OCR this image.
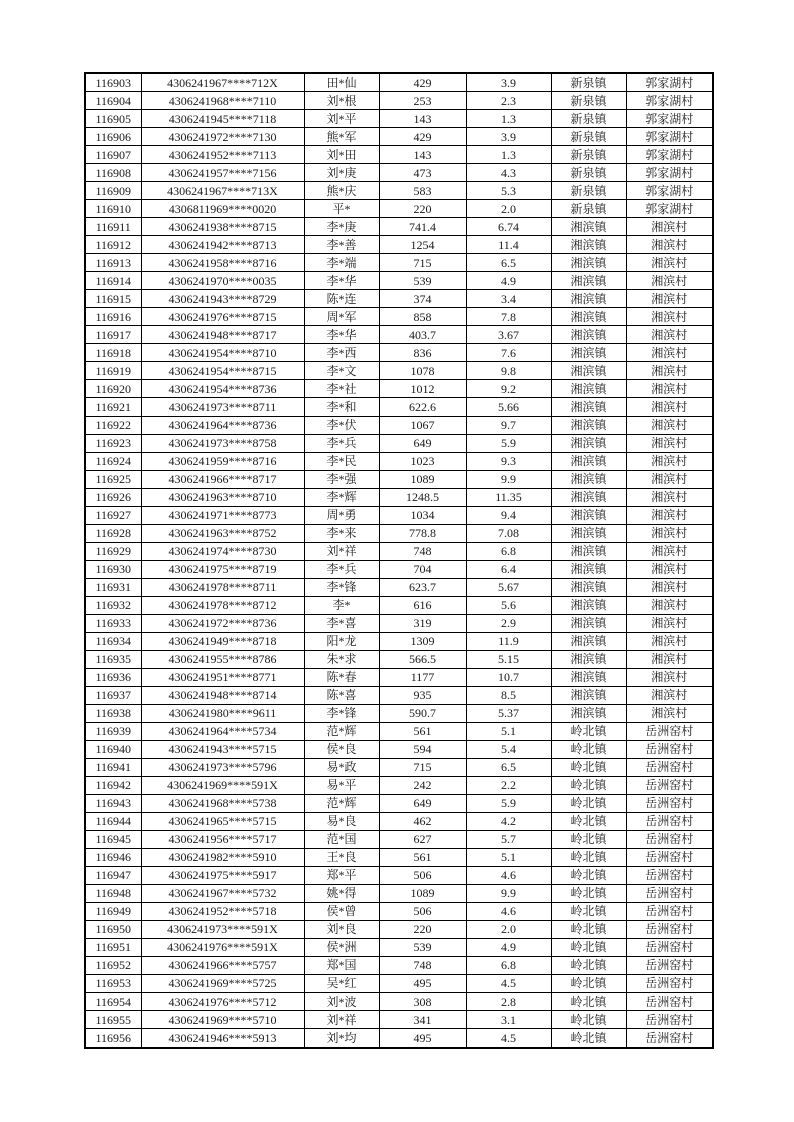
116903	4306241967****712X	田*仙	429	3.9	新泉镇	郭家湖村
116904	4306241968****7110	刘*根	253	2.3	新泉镇	郭家湖村
116905	4306241945****7118	刘*平	143	1.3	新泉镇	郭家湖村
116906	4306241972****7130	熊*军	429	3.9	新泉镇	郭家湖村
116907	4306241952****7113	刘*田	143	1.3	新泉镇	郭家湖村
116908	4306241957****7156	刘*庚	473	4.3	新泉镇	郭家湖村
116909	4306241967****713X	熊*庆	583	5.3	新泉镇	郭家湖村
116910	4306811969****0020	平*	220	2.0	新泉镇	郭家湖村
116911	4306241938****8715	李*庚	741.4	6.74	湘滨镇	湘滨村
116912	4306241942****8713	李*善	1254	11.4	湘滨镇	湘滨村
116913	4306241958****8716	李*端	715	6.5	湘滨镇	湘滨村
116914	4306241970****0035	李*华	539	4.9	湘滨镇	湘滨村
116915	4306241943****8729	陈*连	374	3.4	湘滨镇	湘滨村
116916	4306241976****8715	周*军	858	7.8	湘滨镇	湘滨村
116917	4306241948****8717	李*华	403.7	3.67	湘滨镇	湘滨村
116918	4306241954****8710	李*西	836	7.6	湘滨镇	湘滨村
116919	4306241954****8715	李*文	1078	9.8	湘滨镇	湘滨村
116920	4306241954****8736	李*社	1012	9.2	湘滨镇	湘滨村
116921	4306241973****8711	李*和	622.6	5.66	湘滨镇	湘滨村
116922	4306241964****8736	李*伏	1067	9.7	湘滨镇	湘滨村
116923	4306241973****8758	李*兵	649	5.9	湘滨镇	湘滨村
116924	4306241959****8716	李*民	1023	9.3	湘滨镇	湘滨村
116925	4306241966****8717	李*强	1089	9.9	湘滨镇	湘滨村
116926	4306241963****8710	李*辉	1248.5	11.35	湘滨镇	湘滨村
116927	4306241971****8773	周*勇	1034	9.4	湘滨镇	湘滨村
116928	4306241963****8752	李*来	778.8	7.08	湘滨镇	湘滨村
116929	4306241974****8730	刘*祥	748	6.8	湘滨镇	湘滨村
116930	4306241975****8719	李*兵	704	6.4	湘滨镇	湘滨村
116931	4306241978****8711	李*锋	623.7	5.67	湘滨镇	湘滨村
116932	4306241978****8712	李*	616	5.6	湘滨镇	湘滨村
116933	4306241972****8736	李*喜	319	2.9	湘滨镇	湘滨村
116934	4306241949****8718	阳*龙	1309	11.9	湘滨镇	湘滨村
116935	4306241955****8786	朱*求	566.5	5.15	湘滨镇	湘滨村
116936	4306241951****8771	陈*春	1177	10.7	湘滨镇	湘滨村
116937	4306241948****8714	陈*喜	935	8.5	湘滨镇	湘滨村
116938	4306241980****9611	李*锋	590.7	5.37	湘滨镇	湘滨村
116939	4306241964****5734	范*辉	561	5.1	岭北镇	岳洲窑村
116940	4306241943****5715	侯*良	594	5.4	岭北镇	岳洲窑村
116941	4306241973****5796	易*政	715	6.5	岭北镇	岳洲窑村
116942	4306241969****591X	易*平	242	2.2	岭北镇	岳洲窑村
116943	4306241968****5738	范*辉	649	5.9	岭北镇	岳洲窑村
116944	4306241965****5715	易*良	462	4.2	岭北镇	岳洲窑村
116945	4306241956****5717	范*国	627	5.7	岭北镇	岳洲窑村
116946	4306241982****5910	王*良	561	5.1	岭北镇	岳洲窑村
116947	4306241975****5917	郑*平	506	4.6	岭北镇	岳洲窑村
116948	4306241967****5732	姚*得	1089	9.9	岭北镇	岳洲窑村
116949	4306241952****5718	侯*曾	506	4.6	岭北镇	岳洲窑村
116950	4306241973****591X	刘*良	220	2.0	岭北镇	岳洲窑村
116951	4306241976****591X	侯*洲	539	4.9	岭北镇	岳洲窑村
116952	4306241966****5757	郑*国	748	6.8	岭北镇	岳洲窑村
116953	4306241969****5725	吴*红	495	4.5	岭北镇	岳洲窑村
116954	4306241976****5712	刘*波	308	2.8	岭北镇	岳洲窑村
116955	4306241969****5710	刘*祥	341	3.1	岭北镇	岳洲窑村
116956	4306241946****5913	刘*均	495	4.5	岭北镇	岳洲窑村
